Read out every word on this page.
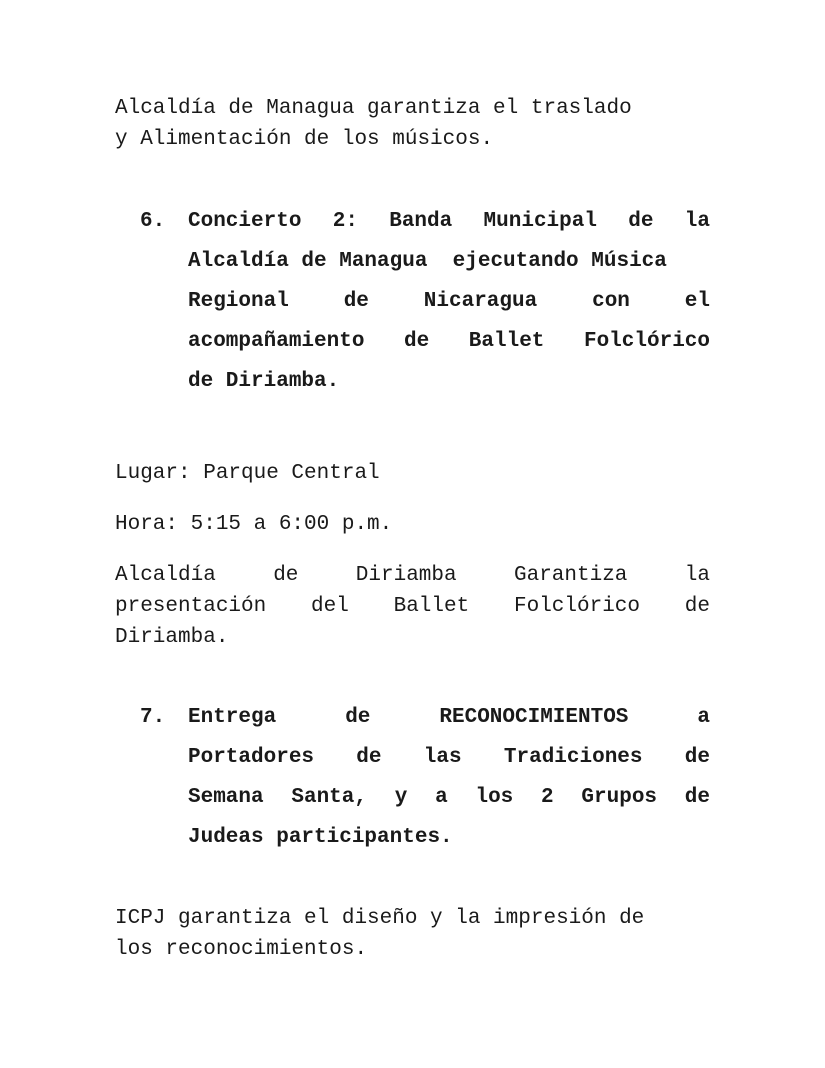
Alcaldía de Managua garantiza el traslado
y Alimentación de los músicos.
6. Concierto 2: Banda Municipal de la
Alcaldía de Managua  ejecutando Música
Regional de Nicaragua con el
acompañamiento de Ballet Folclórico
de Diriamba.
Lugar: Parque Central
Hora: 5:15 a 6:00 p.m.
Alcaldía de Diriamba Garantiza la
presentación del Ballet Folclórico de
Diriamba.
7. Entrega de RECONOCIMIENTOS a
Portadores de las Tradiciones de
Semana Santa, y a los 2 Grupos de
Judeas participantes.
ICPJ garantiza el diseño y la impresión de
los reconocimientos.
